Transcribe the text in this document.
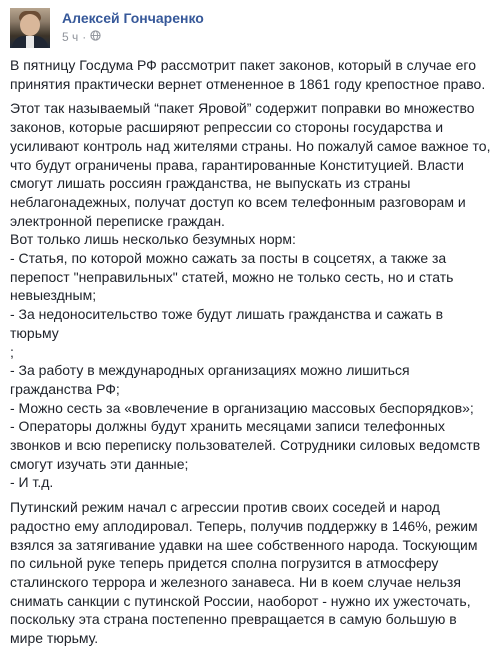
Алексей Гончаренко
5 ч ·

В пятницу Госдума РФ рассмотрит пакет законов, который в случае его
принятия практически вернет отмененное в 1861 году крепостное право.

Этот так называемый “пакет Яровой” содержит поправки во множество
законов, которые расширяют репрессии со стороны государства и
усиливают контроль над жителями страны. Но пожалуй самое важное то,
что будут ограничены права, гарантированные Конституцией. Власти
смогут лишать россиян гражданства, не выпускать из страны
неблагонадежных, получат доступ ко всем телефонным разговорам и
электронной переписке граждан.
Вот только лишь несколько безумных норм:
- Статья, по которой можно сажать за посты в соцсетях, а также за
перепост "неправильных" статей, можно не только сесть, но и стать
невыездным;
- За недоносительство тоже будут лишать гражданства и сажать в тюрьму
;
- За работу в международных организациях можно лишиться
гражданства РФ;
- Можно сесть за «вовлечение в организацию массовых беспорядков»;
- Операторы должны будут хранить месяцами записи телефонных
звонков и всю переписку пользователей. Сотрудники силовых ведомств
смогут изучать эти данные;
- И т.д.

Путинский режим начал с агрессии против своих соседей и народ
радостно ему аплодировал. Теперь, получив поддержку в 146%, режим
взялся за затягивание удавки на шее собственного народа. Тоскующим
по сильной руке теперь придется сполна погрузится в атмосферу
сталинского террора и железного занавеса. Ни в коем случае нельзя
снимать санкции с путинской России, наоборот - нужно их ужесточать,
поскольку эта страна постепенно превращается в самую большую в
мире тюрьму.
